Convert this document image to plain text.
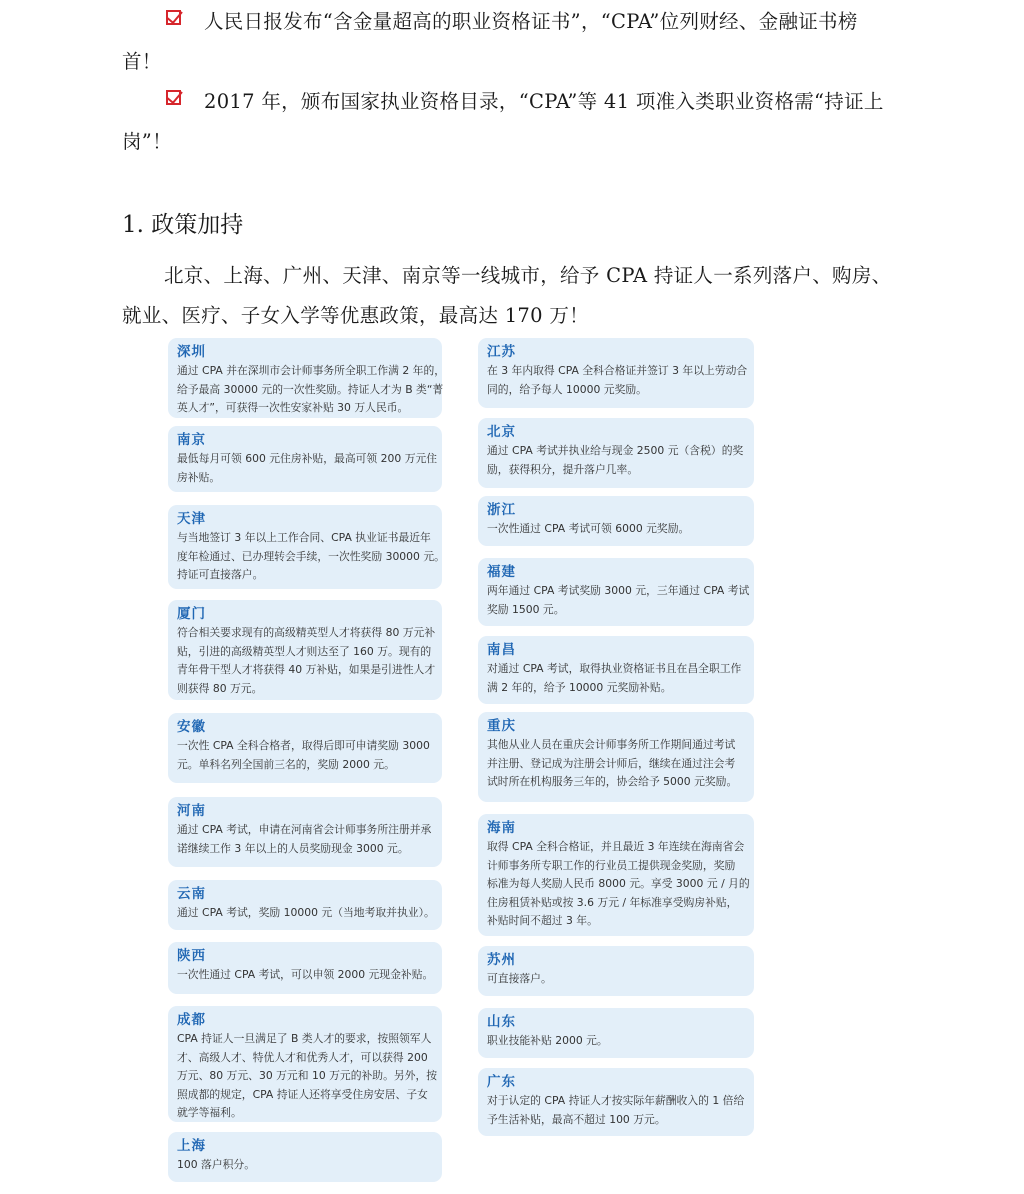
人民日报发布“含金量超高的职业资格证书”，“CPA”位列财经、金融证书榜
首！
2017 年，颁布国家执业资格目录，“CPA”等 41 项准入类职业资格需“持证上
岗”！
1. 政策加持
北京、上海、广州、天津、南京等一线城市，给予 CPA 持证人一系列落户、购房、
就业、医疗、子女入学等优惠政策，最高达 170 万！
深圳
通过 CPA 并在深圳市会计师事务所全职工作满 2 年的，
给予最高 30000 元的一次性奖励。持证人才为 B 类“菁
英人才”，可获得一次性安家补贴 30 万人民币。
南京
最低每月可领 600 元住房补贴，最高可领 200 万元住
房补贴。
天津
与当地签订 3 年以上工作合同、CPA 执业证书最近年
度年检通过、已办理转会手续，一次性奖励 30000 元。
持证可直接落户。
厦门
符合相关要求现有的高级精英型人才将获得 80 万元补
贴，引进的高级精英型人才则达至了 160 万。现有的
青年骨干型人才将获得 40 万补贴，如果是引进性人才
则获得 80 万元。
安徽
一次性 CPA 全科合格者，取得后即可申请奖励 3000
元。单科名列全国前三名的，奖励 2000 元。
河南
通过 CPA 考试，申请在河南省会计师事务所注册并承
诺继续工作 3 年以上的人员奖励现金 3000 元。
云南
通过 CPA 考试，奖励 10000 元（当地考取并执业）。
陕西
一次性通过 CPA 考试，可以申领 2000 元现金补贴。
成都
CPA 持证人一旦满足了 B 类人才的要求，按照领军人
才、高级人才、特优人才和优秀人才，可以获得 200
万元、80 万元、30 万元和 10 万元的补助。另外，按
照成都的规定，CPA 持证人还将享受住房安居、子女
就学等福利。
上海
100 落户积分。
江苏
在 3 年内取得 CPA 全科合格证并签订 3 年以上劳动合
同的，给予每人 10000 元奖励。
北京
通过 CPA 考试并执业给与现金 2500 元（含税）的奖
励，获得积分，提升落户几率。
浙江
一次性通过 CPA 考试可领 6000 元奖励。
福建
两年通过 CPA 考试奖励 3000 元，三年通过 CPA 考试
奖励 1500 元。
南昌
对通过 CPA 考试，取得执业资格证书且在昌全职工作
满 2 年的，给予 10000 元奖励补贴。
重庆
其他从业人员在重庆会计师事务所工作期间通过考试
并注册、登记成为注册会计师后，继续在通过注会考
试时所在机构服务三年的，协会给予 5000 元奖励。
海南
取得 CPA 全科合格证，并且最近 3 年连续在海南省会
计师事务所专职工作的行业员工提供现金奖励，奖励
标准为每人奖励人民币 8000 元。享受 3000 元 / 月的
住房租赁补贴或按 3.6 万元 / 年标准享受购房补贴，
补贴时间不超过 3 年。
苏州
可直接落户。
山东
职业技能补贴 2000 元。
广东
对于认定的 CPA 持证人才按实际年薪酬收入的 1 倍给
予生活补贴，最高不超过 100 万元。
